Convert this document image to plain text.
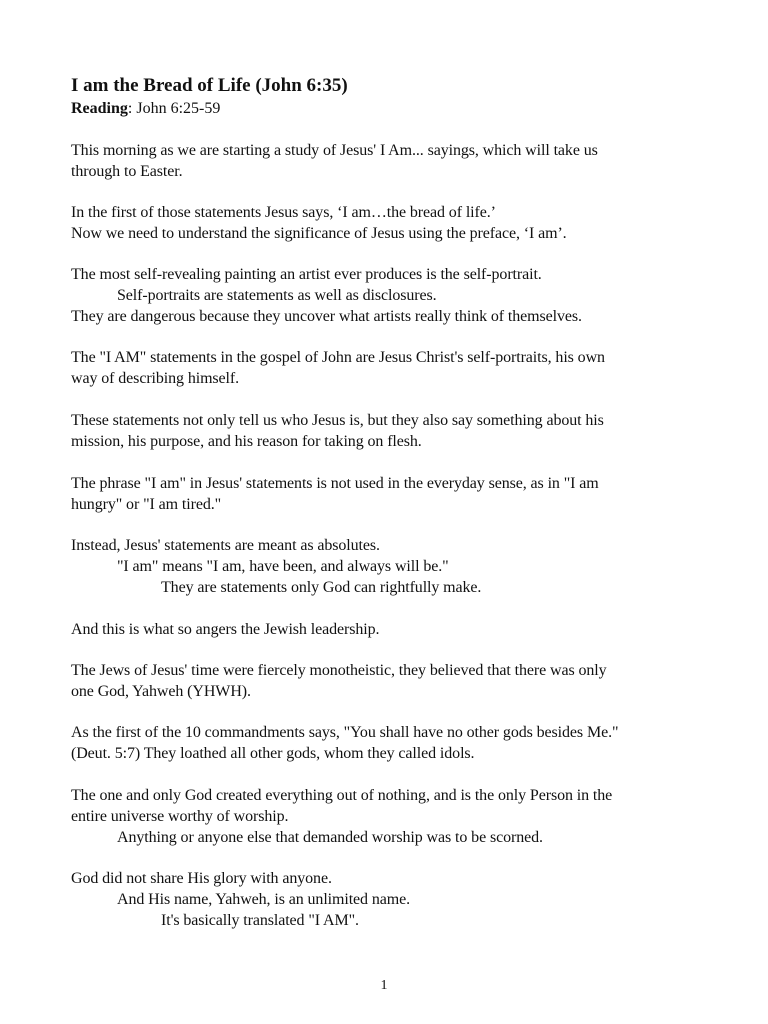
I am the Bread of Life (John 6:35)
Reading: John 6:25-59
This morning as we are starting a study of Jesus' I Am... sayings, which will take us
through to Easter.
In the first of those statements Jesus says, ‘I am…the bread of life.’
Now we need to understand the significance of Jesus using the preface, ‘I am’.
The most self-revealing painting an artist ever produces is the self-portrait.
Self-portraits are statements as well as disclosures.
They are dangerous because they uncover what artists really think of themselves.
The "I AM" statements in the gospel of John are Jesus Christ's self-portraits, his own
way of describing himself.
These statements not only tell us who Jesus is, but they also say something about his
mission, his purpose, and his reason for taking on flesh.
The phrase "I am" in Jesus' statements is not used in the everyday sense, as in "I am
hungry" or "I am tired."
Instead, Jesus' statements are meant as absolutes.
"I am" means "I am, have been, and always will be."
They are statements only God can rightfully make.
And this is what so angers the Jewish leadership.
The Jews of Jesus' time were fiercely monotheistic, they believed that there was only
one God, Yahweh (YHWH).
As the first of the 10 commandments says, "You shall have no other gods besides Me."
(Deut. 5:7) They loathed all other gods, whom they called idols.
The one and only God created everything out of nothing, and is the only Person in the
entire universe worthy of worship.
Anything or anyone else that demanded worship was to be scorned.
God did not share His glory with anyone.
And His name, Yahweh, is an unlimited name.
It's basically translated "I AM".
1
